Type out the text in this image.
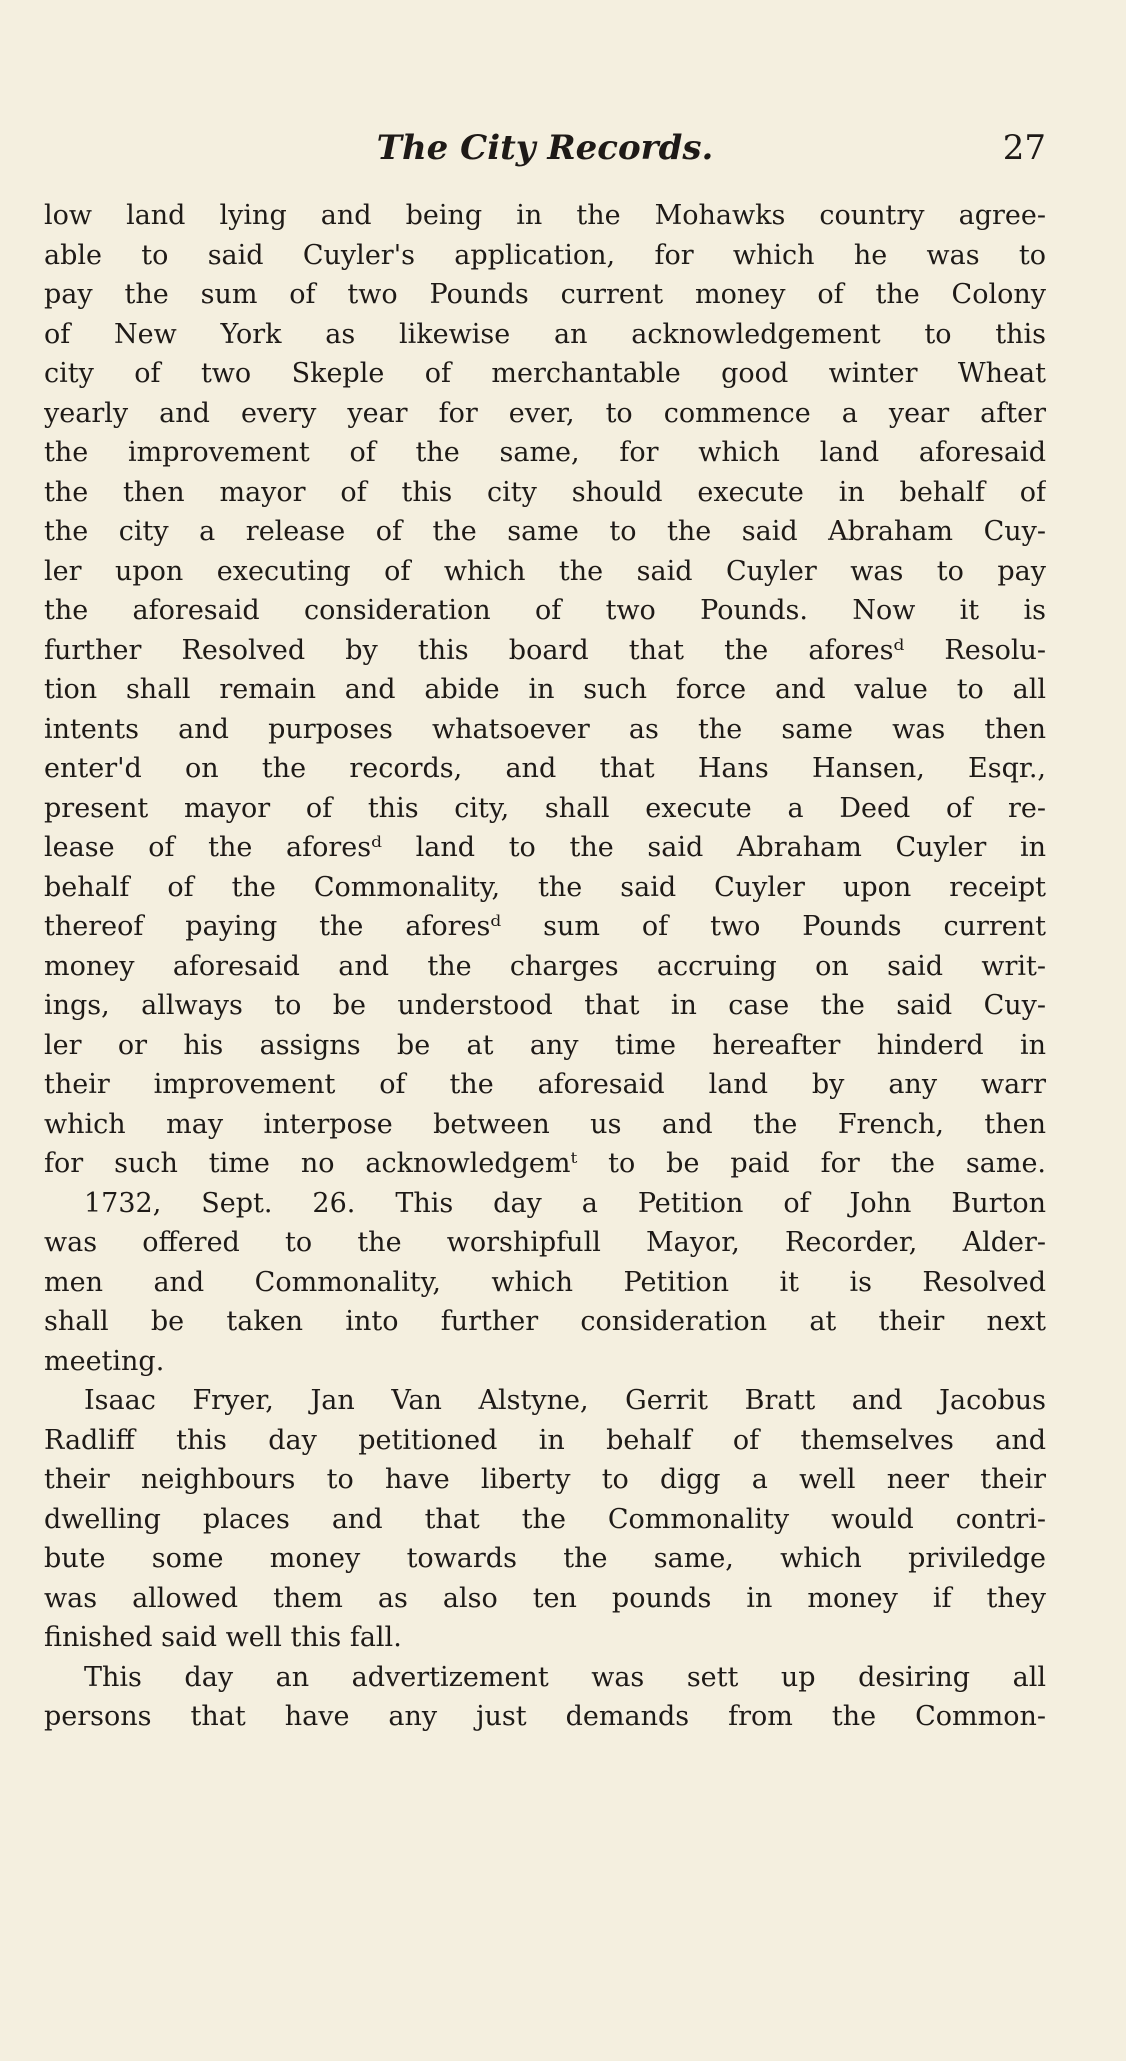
The City Records.	27
low land lying and being in the Mohawks country agree-
able to said Cuyler's application, for which he was to
pay the sum of two Pounds current money of the Colony
of New York as likewise an acknowledgement to this
city of two Skeple of merchantable good winter Wheat
yearly and every year for ever, to commence a year after
the improvement of the same, for which land aforesaid
the then mayor of this city should execute in behalf of
the city a release of the same to the said Abraham Cuy-
ler upon executing of which the said Cuyler was to pay
the aforesaid consideration of two Pounds. Now it is
further Resolved by this board that the aforesᵈ Resolu-
tion shall remain and abide in such force and value to all
intents and purposes whatsoever as the same was then
enter'd on the records, and that Hans Hansen, Esqr.,
present mayor of this city, shall execute a Deed of re-
lease of the aforesᵈ land to the said Abraham Cuyler in
behalf of the Commonality, the said Cuyler upon receipt
thereof paying the aforesᵈ sum of two Pounds current
money aforesaid and the charges accruing on said writ-
ings, allways to be understood that in case the said Cuy-
ler or his assigns be at any time hereafter hinderd in
their improvement of the aforesaid land by any warr
which may interpose between us and the French, then
for such time no acknowledgemᵗ to be paid for the same.
1732, Sept. 26. This day a Petition of John Burton
was offered to the worshipfull Mayor, Recorder, Alder-
men and Commonality, which Petition it is Resolved
shall be taken into further consideration at their next
meeting.
Isaac Fryer, Jan Van Alstyne, Gerrit Bratt and Jacobus
Radliff this day petitioned in behalf of themselves and
their neighbours to have liberty to digg a well neer their
dwelling places and that the Commonality would contri-
bute some money towards the same, which priviledge
was allowed them as also ten pounds in money if they
finished said well this fall.
This day an advertizement was sett up desiring all
persons that have any just demands from the Common-
